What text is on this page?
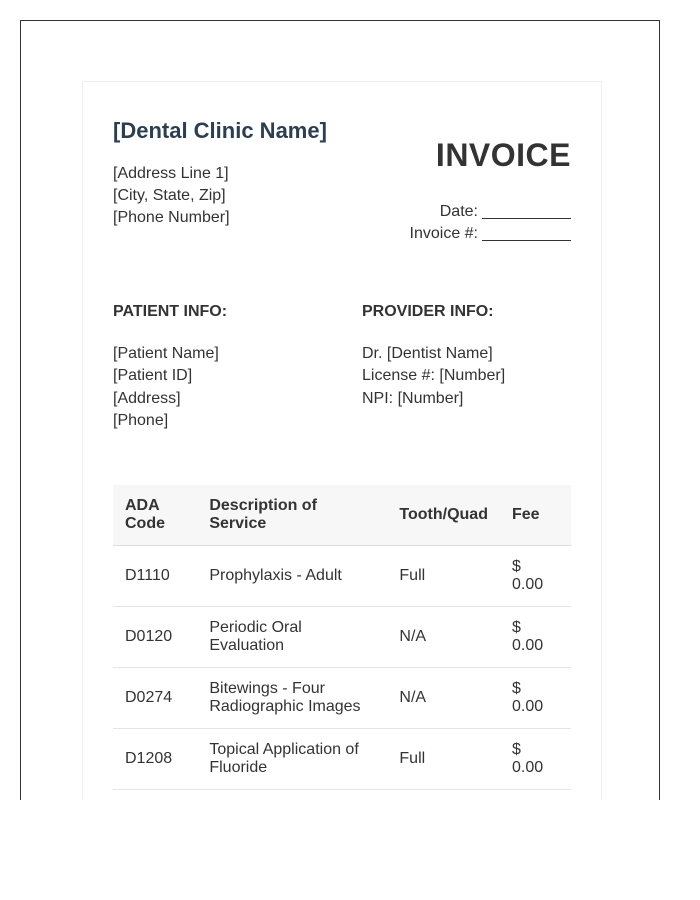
[Dental Clinic Name]
[Address Line 1]
[City, State, Zip]
[Phone Number]
INVOICE
Date:
Invoice #:
PATIENT INFO:
[Patient Name]
[Patient ID]
[Address]
[Phone]
PROVIDER INFO:
Dr. [Dentist Name]
License #: [Number]
NPI: [Number]
ADA Code	Description of Service	Tooth/Quad	Fee
D1110	Prophylaxis - Adult	Full	$
0.00
D0120	Periodic Oral Evaluation	N/A	$
0.00
D0274	Bitewings - Four Radiographic Images	N/A	$
0.00
D1208	Topical Application of Fluoride	Full	$
0.00
